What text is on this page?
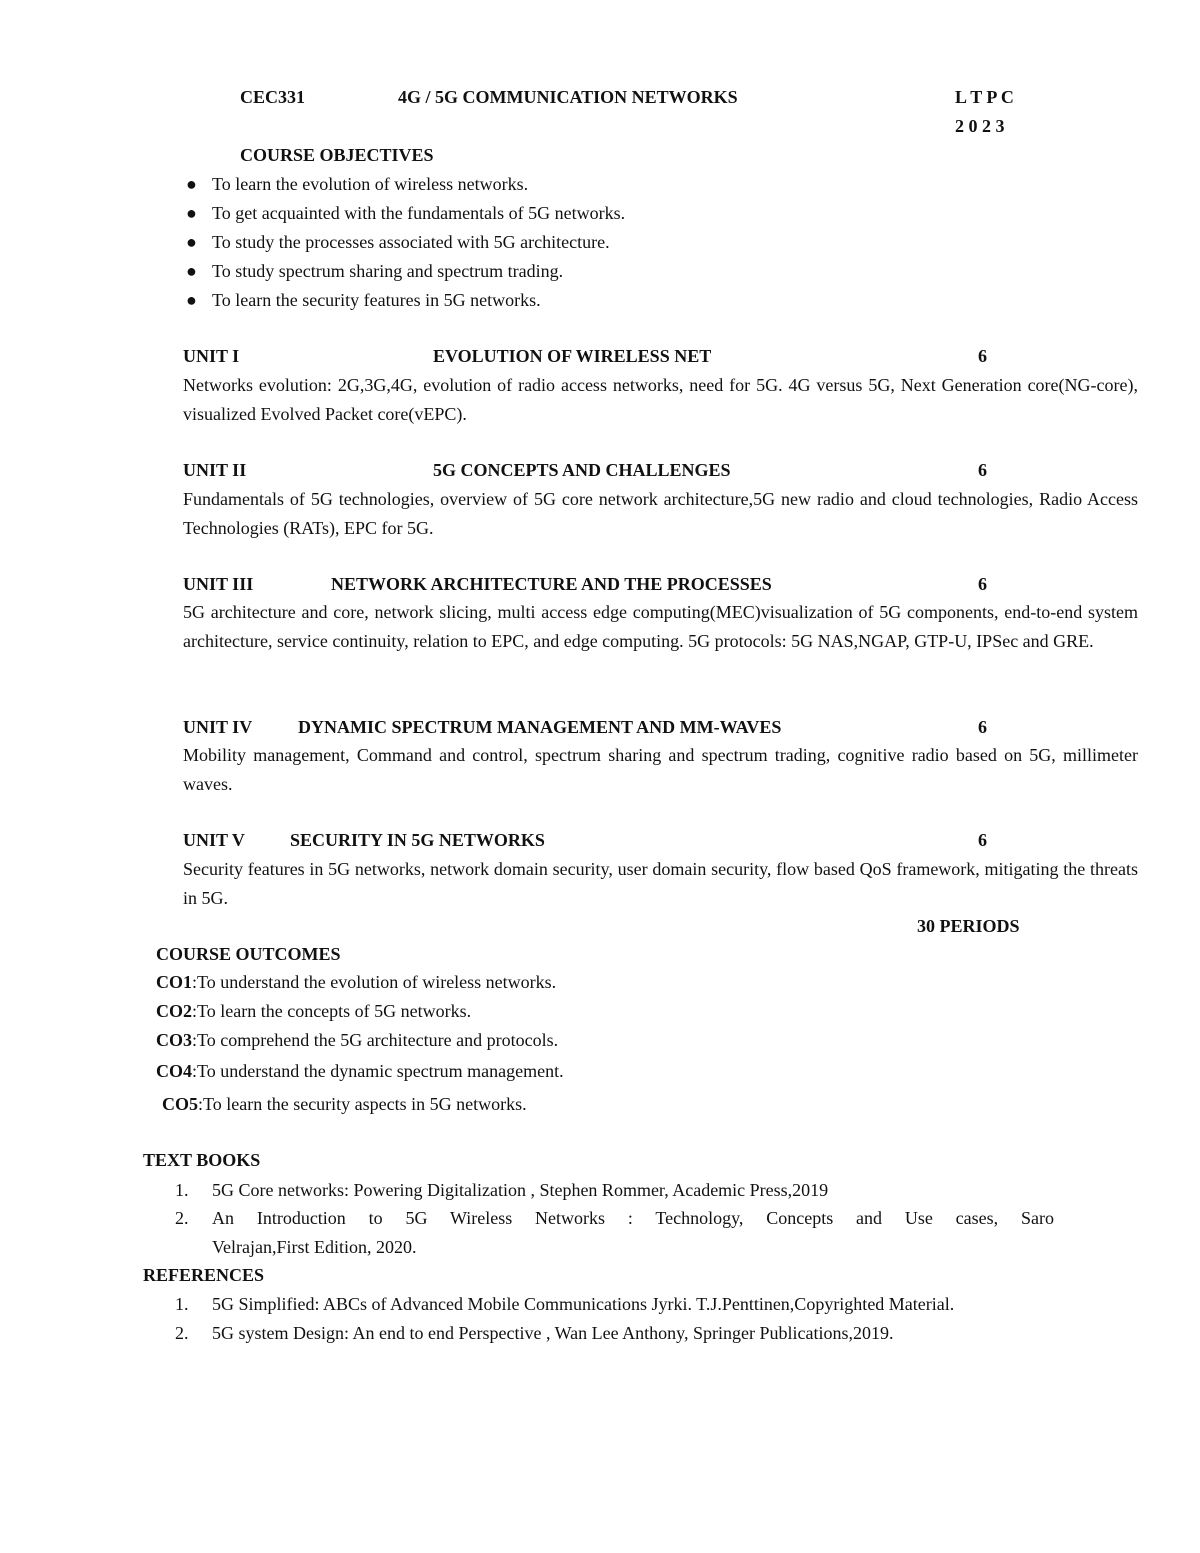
CEC331	4G / 5G COMMUNICATION NETWORKS	L T P C
2 0 2 3
COURSE OBJECTIVES
● To learn the evolution of wireless networks.
● To get acquainted with the fundamentals of 5G networks.
● To study the processes associated with 5G architecture.
● To study spectrum sharing and spectrum trading.
● To learn the security features in 5G networks.
UNIT I	EVOLUTION OF WIRELESS NET	6
Networks evolution: 2G,3G,4G, evolution of radio access networks, need for 5G. 4G versus 5G, Next Generation core(NG-core), visualized Evolved Packet core(vEPC).
UNIT II	5G CONCEPTS AND CHALLENGES	6
Fundamentals of 5G technologies, overview of 5G core network architecture,5G new radio and cloud technologies, Radio Access Technologies (RATs), EPC for 5G.
UNIT III	NETWORK ARCHITECTURE AND THE PROCESSES	6
5G architecture and core, network slicing, multi access edge computing(MEC)visualization of 5G components, end-to-end system architecture, service continuity, relation to EPC, and edge computing. 5G protocols: 5G NAS,NGAP, GTP-U, IPSec and GRE.
UNIT IV	DYNAMIC SPECTRUM MANAGEMENT AND MM-WAVES	6
Mobility management, Command and control, spectrum sharing and spectrum trading, cognitive radio based on 5G, millimeter waves.
UNIT V	SECURITY IN 5G NETWORKS	6
Security features in 5G networks, network domain security, user domain security, flow based QoS framework, mitigating the threats in 5G.
30 PERIODS
COURSE OUTCOMES
CO1:To understand the evolution of wireless networks.
CO2:To learn the concepts of 5G networks.
CO3:To comprehend the 5G architecture and protocols.
CO4:To understand the dynamic spectrum management.
CO5:To learn the security aspects in 5G networks.
TEXT BOOKS
1. 5G Core networks: Powering Digitalization , Stephen Rommer, Academic Press,2019
2. An Introduction to 5G Wireless Networks : Technology, Concepts and Use cases, Saro
Velrajan,First Edition, 2020.
REFERENCES
1. 5G Simplified: ABCs of Advanced Mobile Communications Jyrki. T.J.Penttinen,Copyrighted Material.
2. 5G system Design: An end to end Perspective , Wan Lee Anthony, Springer Publications,2019.
